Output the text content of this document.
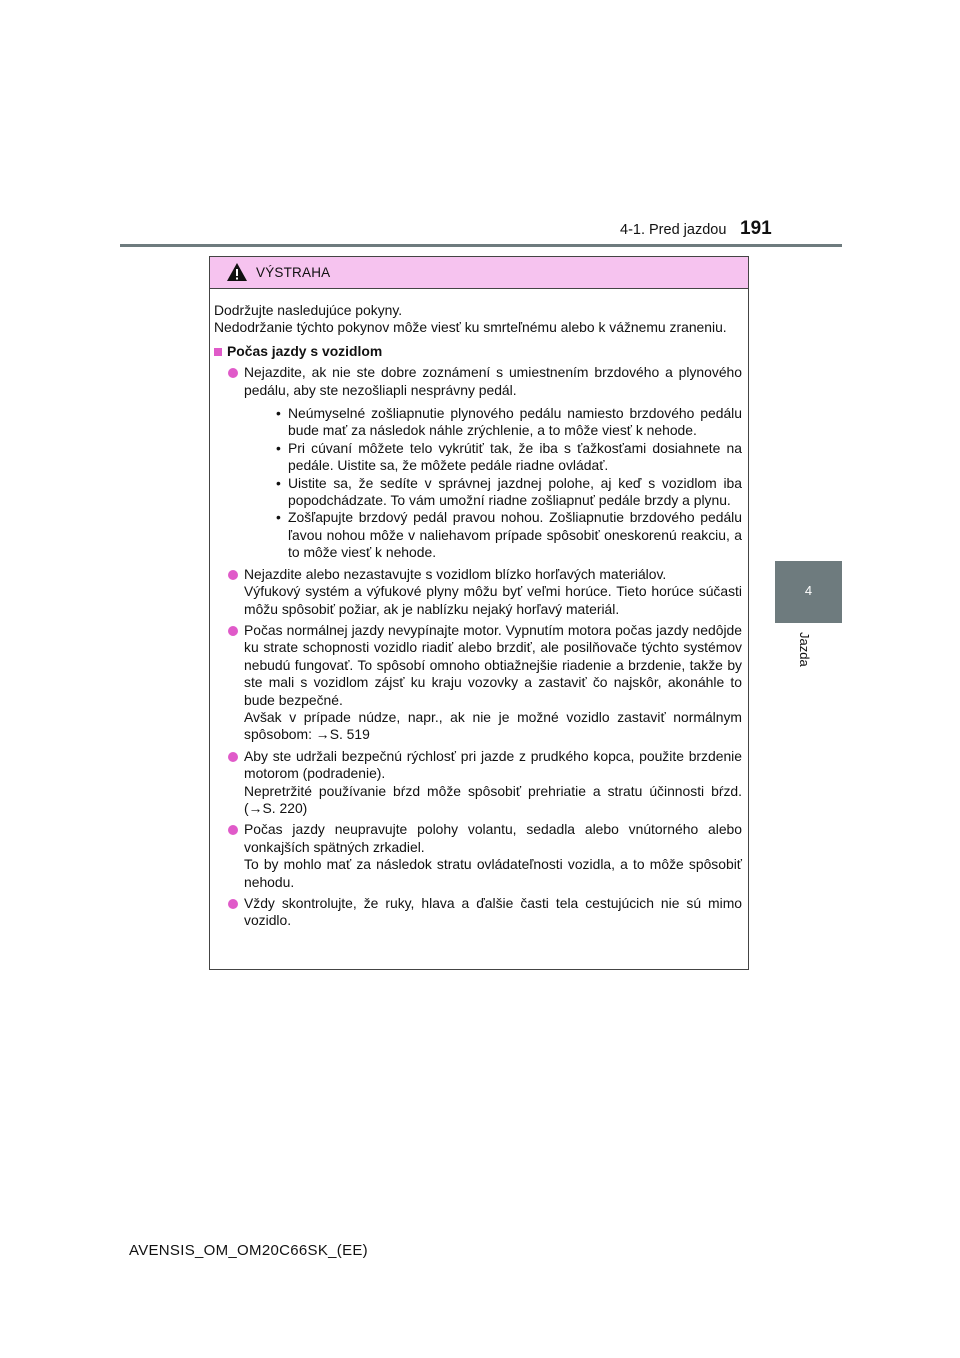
4-1. Pred jazdou 191
4
Jazda
VÝSTRAHA

Dodržujte nasledujúce pokyny.

Nedodržanie týchto pokynov môže viesť ku smrteľnému alebo k vážnemu zraneniu.

Počas jazdy s vozidlom

Nejazdite, ak nie ste dobre zoznámení s umiestnením brzdového a plynového pedálu, aby ste nezošliapli nesprávny pedál.

• Neúmyselné zošliapnutie plynového pedálu namiesto brzdového pedálu bude mať za následok náhle zrýchlenie, a to môže viesť k nehode.
• Pri cúvaní môžete telo vykrútiť tak, že iba s ťažkosťami dosiahnete na pedále. Uistite sa, že môžete pedále riadne ovládať.
• Uistite sa, že sedíte v správnej jazdnej polohe, aj keď s vozidlom iba popodchádzate. To vám umožní riadne zošliapnuť pedále brzdy a plynu.
• Zošľapujte brzdový pedál pravou nohou. Zošliapnutie brzdového pedálu ľavou nohou môže v naliehavom prípade spôsobiť oneskorenú reakciu, a to môže viesť k nehode.

Nejazdite alebo nezastavujte s vozidlom blízko horľavých materiálov.

Výfukový systém a výfukové plyny môžu byť veľmi horúce. Tieto horúce súčasti môžu spôsobiť požiar, ak je nablízku nejaký horľavý materiál.

Počas normálnej jazdy nevypínajte motor. Vypnutím motora počas jazdy nedôjde ku strate schopnosti vozidlo riadiť alebo brzdiť, ale posilňovače týchto systémov nebudú fungovať. To spôsobí omnoho obtiažnejšie riadenie a brzdenie, takže by ste mali s vozidlom zájsť ku kraju vozovky a zastaviť čo najskôr, akonáhle to bude bezpečné.

Avšak v prípade núdze, napr., ak nie je možné vozidlo zastaviť normálnym spôsobom: →S. 519

Aby ste udržali bezpečnú rýchlosť pri jazde z prudkého kopca, použite brzdenie motorom (podradenie).

Nepretržité používanie bŕzd môže spôsobiť prehriatie a stratu účinnosti bŕzd. (→S. 220)

Počas jazdy neupravujte polohy volantu, sedadla alebo vnútorného alebo vonkajších spätných zrkadiel.

To by mohlo mať za následok stratu ovládateľnosti vozidla, a to môže spôsobiť nehodu.

Vždy skontrolujte, že ruky, hlava a ďalšie časti tela cestujúcich nie sú mimo vozidlo.

AVENSIS_OM_OM20C66SK_(EE)
